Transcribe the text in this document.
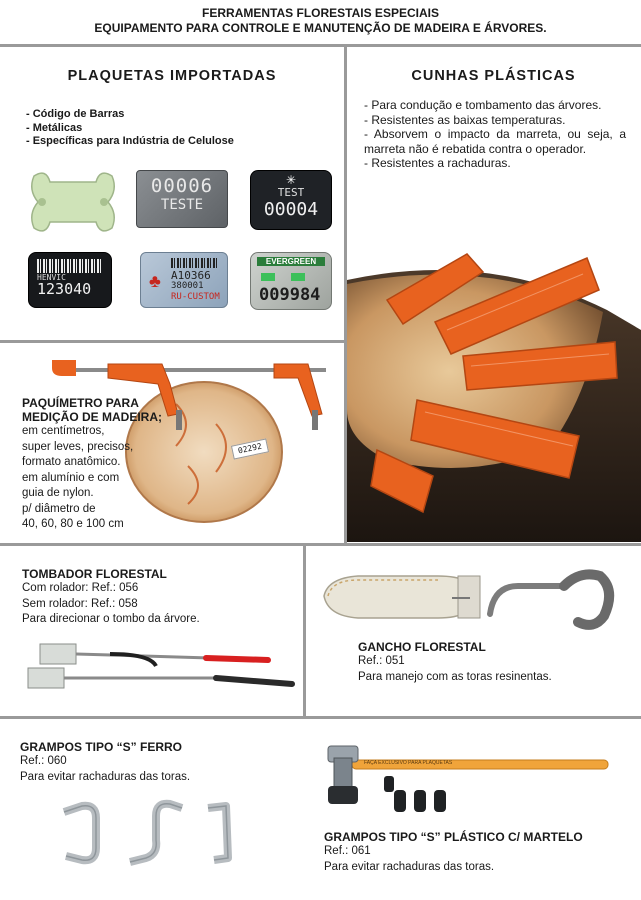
FERRAMENTAS FLORESTAIS ESPECIAIS
EQUIPAMENTO PARA CONTROLE E MANUTENÇÃO DE MADEIRA E ÁRVORES.
PLAQUETAS IMPORTADAS
- Código de Barras
- Metálicas
- Específicas para Indústria de Celulose
00006
TESTE
✳
TEST
00004
HENVIC
123040	♣ A10366
380001
RU-CUSTOM
EVERGREEN
009984
CUNHAS PLÁSTICAS
- Para condução e tombamento das árvores.
- Resistentes as baixas temperaturas.
- Absorvem o impacto da marreta, ou seja, a marreta não é rebatida contra o operador.
- Resistentes a rachaduras.
02292
PAQUÍMETRO PARA
MEDIÇÃO DE MADEIRA;
em centímetros,
super leves, precisos,
formato anatômico.
em alumínio e com
guia de nylon.
p/ diâmetro de
40, 60, 80 e 100 cm
TOMBADOR FLORESTAL
Com rolador: Ref.: 056
Sem rolador: Ref.: 058
Para direcionar o tombo da árvore.
GANCHO FLORESTAL
Ref.: 051
Para manejo com as toras resinentas.
GRAMPOS TIPO “S” FERRO
Ref.: 060
Para evitar rachaduras das toras.
FAÇA EXCLUSIVO PARA PLAQUETAS
GRAMPOS TIPO “S” PLÁSTICO C/ MARTELO
Ref.: 061
Para evitar rachaduras das toras.
